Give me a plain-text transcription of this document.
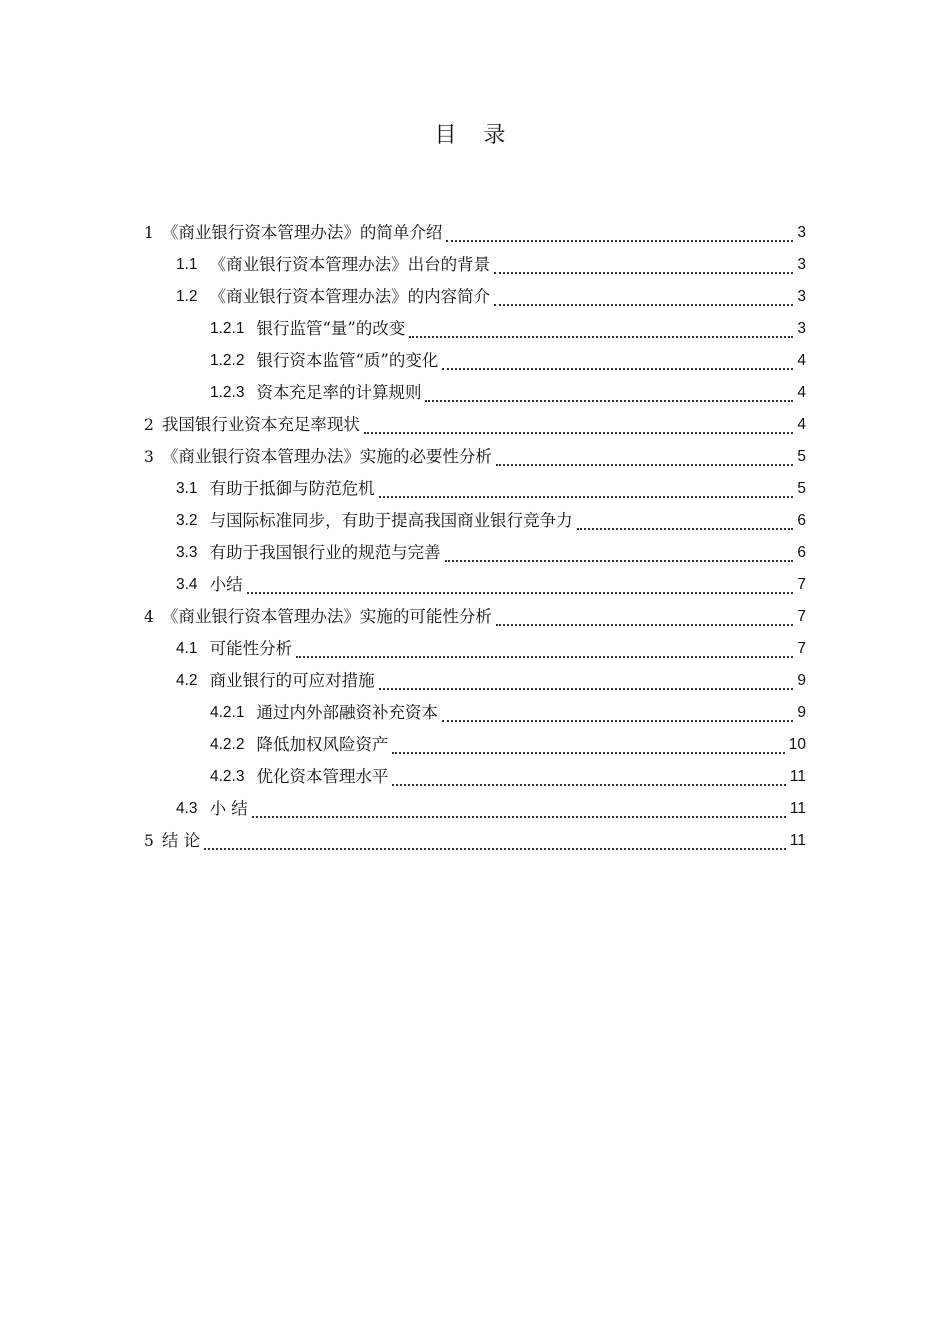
目 录
1 《商业银行资本管理办法》的简单介绍	3
1.1 《商业银行资本管理办法》出台的背景	3
1.2 《商业银行资本管理办法》的内容简介	3
1.2.1 银行监管“量”的改变	3
1.2.2 银行资本监管“质”的变化	4
1.2.3 资本充足率的计算规则	4
2 我国银行业资本充足率现状	4
3 《商业银行资本管理办法》实施的必要性分析	5
3.1 有助于抵御与防范危机	5
3.2 与国际标准同步，有助于提高我国商业银行竞争力	6
3.3 有助于我国银行业的规范与完善	6
3.4 小结	7
4 《商业银行资本管理办法》实施的可能性分析	7
4.1 可能性分析	7
4.2 商业银行的可应对措施	9
4.2.1 通过内外部融资补充资本	9
4.2.2 降低加权风险资产	10
4.2.3 优化资本管理水平	11
4.3 小 结	11
5 结 论	11
